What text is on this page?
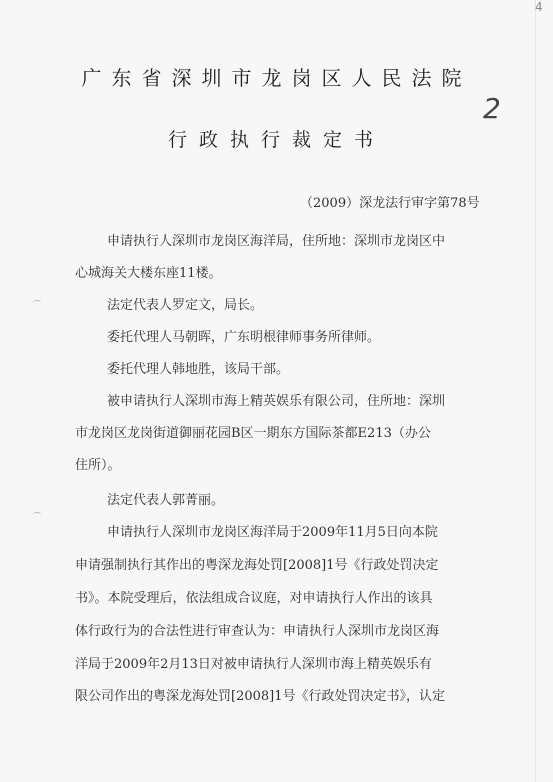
4
广东省深圳市龙岗区人民法院
2
行政执行裁定书
（2009）深龙法行审字第78号
申请执行人深圳市龙岗区海洋局，住所地：深圳市龙岗区中
心城海关大楼东座11楼。
法定代表人罗定文，局长。
委托代理人马朝晖，广东明根律师事务所律师。
委托代理人韩地胜，该局干部。
被申请执行人深圳市海上精英娱乐有限公司，住所地：深圳
市龙岗区龙岗街道御丽花园B区一期东方国际茶都E213（办公
住所）。
法定代表人郭菁丽。
申请执行人深圳市龙岗区海洋局于2009年11月5日向本院
申请强制执行其作出的粤深龙海处罚[2008]1号《行政处罚决定
书》。本院受理后，依法组成合议庭，对申请执行人作出的该具
体行政行为的合法性进行审查认为：申请执行人深圳市龙岗区海
洋局于2009年2月13日对被申请执行人深圳市海上精英娱乐有
限公司作出的粤深龙海处罚[2008]1号《行政处罚决定书》，认定
